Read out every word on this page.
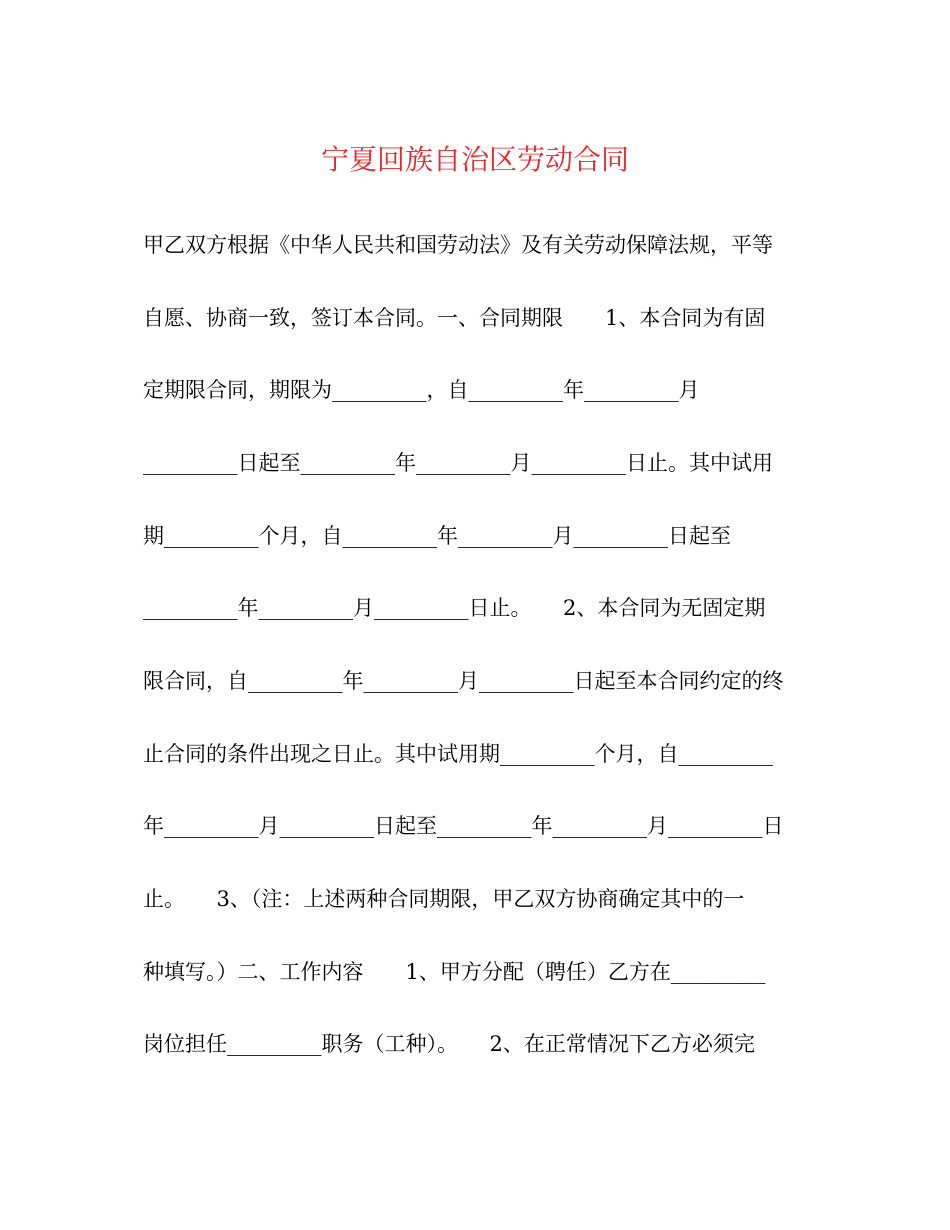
宁夏回族自治区劳动合同
甲乙双方根据《中华人民共和国劳动法》及有关劳动保障法规，平等
自愿、协商一致，签订本合同。一、合同期限　　1、本合同为有固
定期限合同，期限为_________，自_________年_________月
_________日起至_________年_________月_________日止。其中试用
期_________个月，自_________年_________月_________日起至
_________年_________月_________日止。　　2、本合同为无固定期
限合同，自_________年_________月_________日起至本合同约定的终
止合同的条件出现之日止。其中试用期_________个月，自_________
年_________月_________日起至_________年_________月_________日
止。　　3、（注：上述两种合同期限，甲乙双方协商确定其中的一
种填写。）二、工作内容　　1、甲方分配（聘任）乙方在_________
岗位担任_________职务（工种）。　　2、在正常情况下乙方必须完
